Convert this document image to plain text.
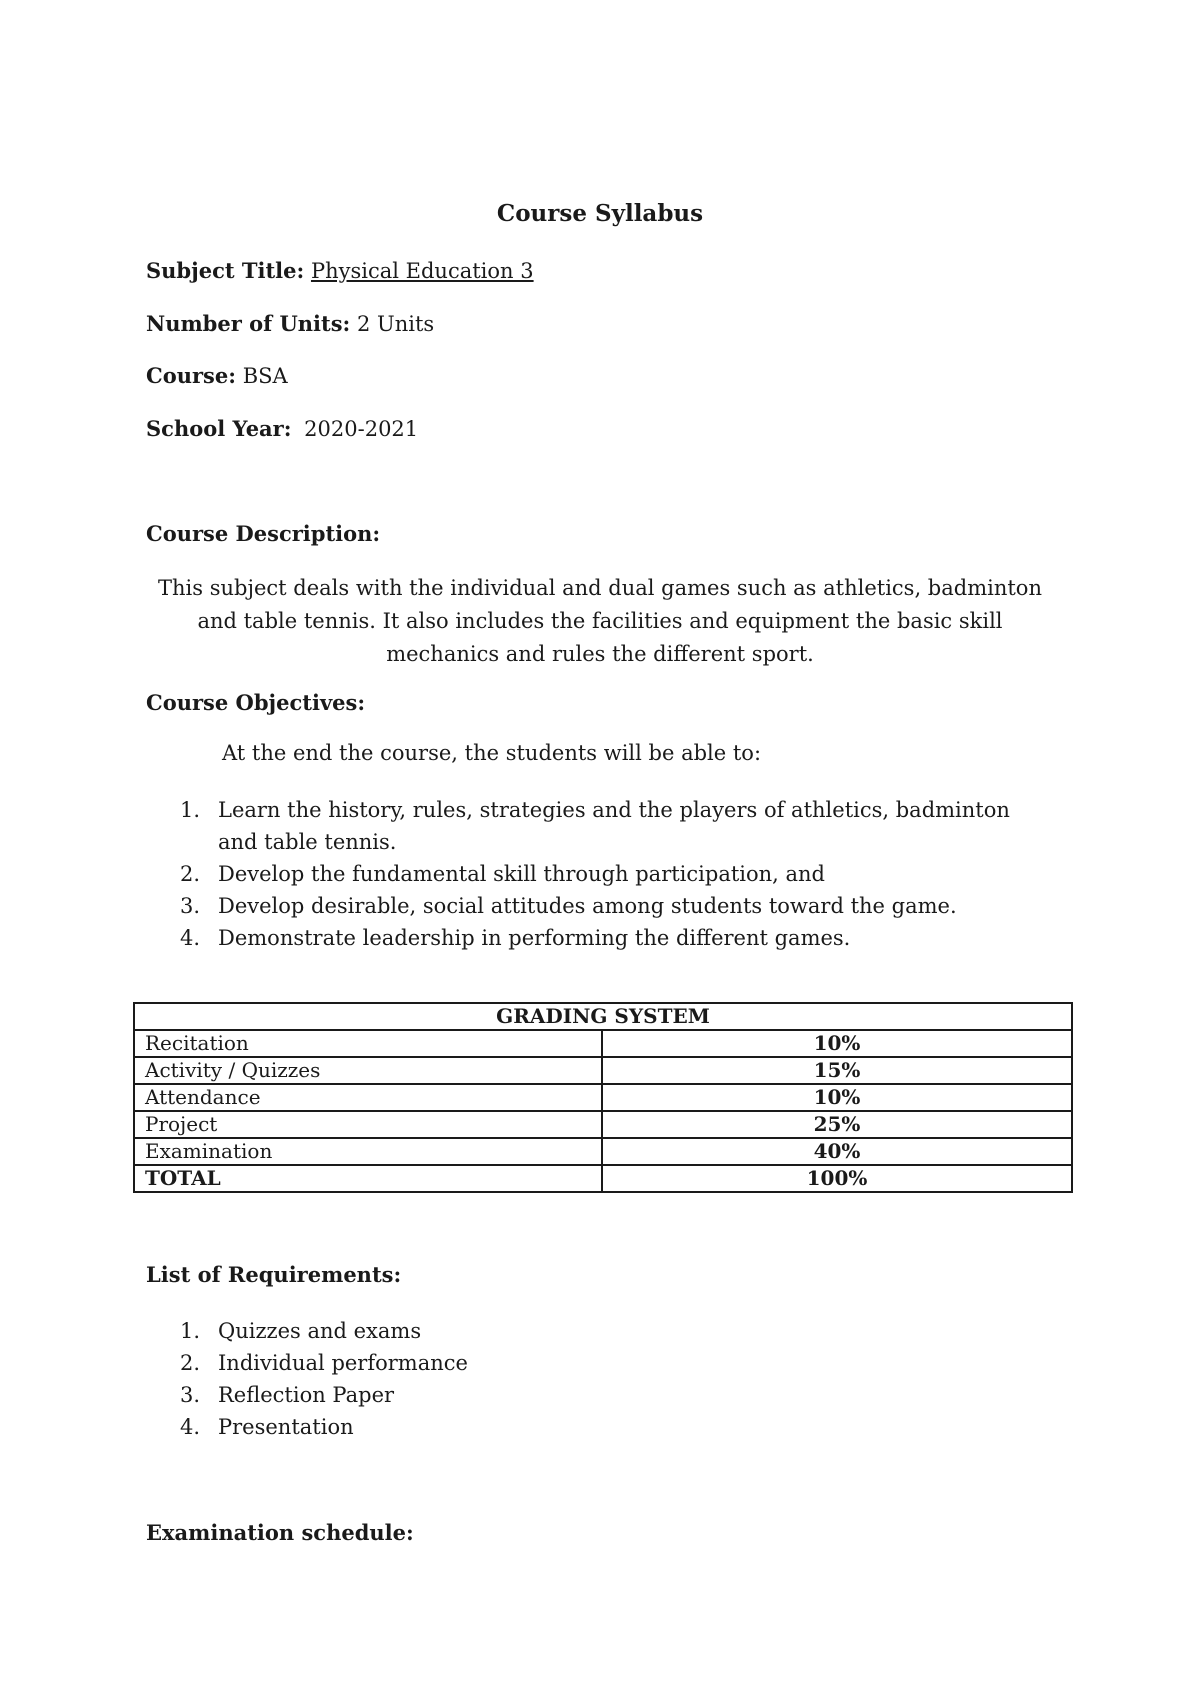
Course Syllabus
Subject Title: Physical Education 3
Number of Units: 2 Units
Course: BSA
School Year: 2020-2021
Course Description:
This subject deals with the individual and dual games such as athletics, badminton and table tennis. It also includes the facilities and equipment the basic skill mechanics and rules the different sport.
Course Objectives:
At the end the course, the students will be able to:
1. Learn the history, rules, strategies and the players of athletics, badminton and table tennis.
2. Develop the fundamental skill through participation, and
3. Develop desirable, social attitudes among students toward the game.
4. Demonstrate leadership in performing the different games.
GRADING SYSTEM	
Recitation	10%
Activity / Quizzes	15%
Attendance	10%
Project	25%
Examination	40%
TOTAL	100%
List of Requirements:
1. Quizzes and exams
2. Individual performance
3. Reflection Paper
4. Presentation
Examination schedule:
